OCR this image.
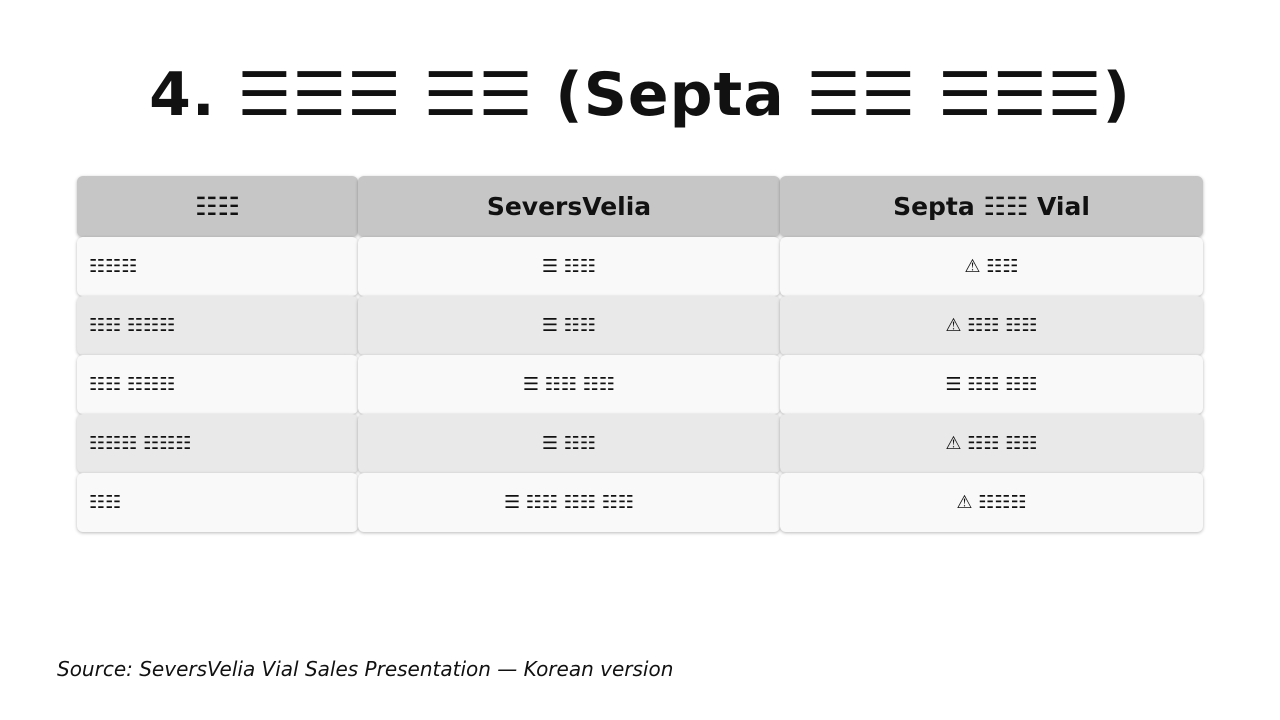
4. ☰☰☰ ☰☰ (Septa ☰☰ ☰☰☰)
☷☷	SeversVelia	Septa ☷☷ Vial
☷☷☷	☰ ☷☷	⚠ ☷☷
☷☷ ☷☷☷	☰ ☷☷	⚠ ☷☷ ☷☷
☷☷ ☷☷☷	☰ ☷☷ ☷☷	☰ ☷☷ ☷☷
☷☷☷ ☷☷☷	☰ ☷☷	⚠ ☷☷ ☷☷
☷☷	☰ ☷☷ ☷☷ ☷☷	⚠ ☷☷☷
Source: SeversVelia Vial Sales Presentation — Korean version
